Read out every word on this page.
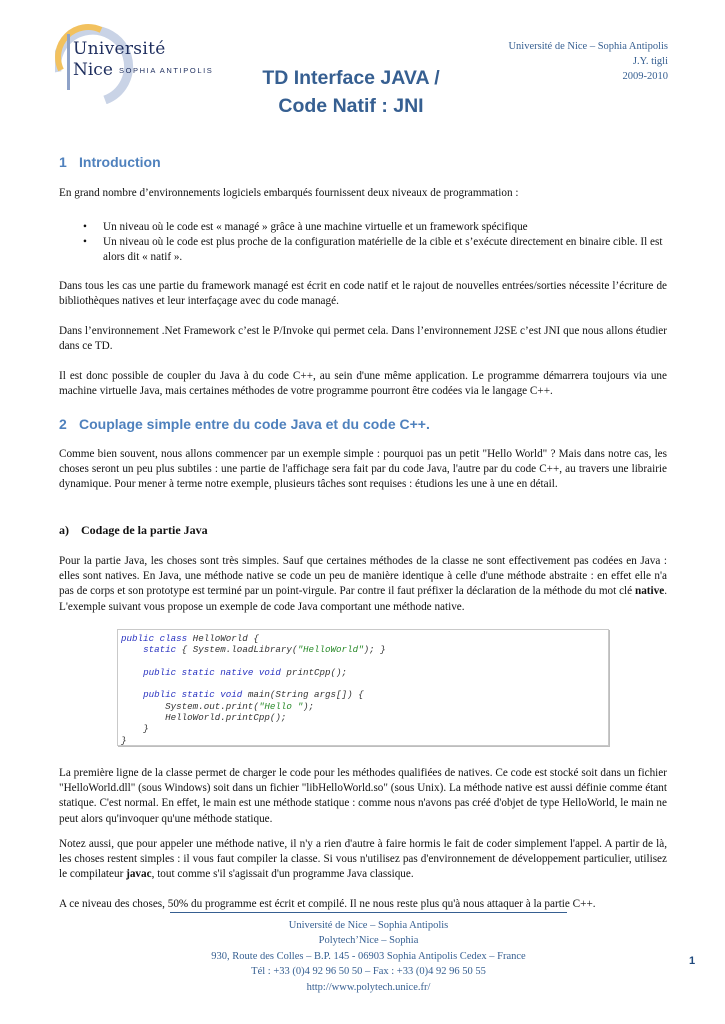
Université
Nice SOPHIA ANTIPOLIS
Université de Nice – Sophia Antipolis
J.Y. tigli
2009-2010
TD Interface JAVA /
Code Natif : JNI
1 Introduction
En grand nombre d’environnements logiciels embarqués fournissent deux niveaux de programmation :
• Un niveau où le code est « managé » grâce à une machine virtuelle et un framework spécifique
• Un niveau où le code est plus proche de la configuration matérielle de la cible et s’exécute directement en binaire cible. Il est alors dit « natif ».
Dans tous les cas une partie du framework managé est écrit en code natif et le rajout de nouvelles entrées/sorties nécessite l’écriture de bibliothèques natives et leur interfaçage avec du code managé.
Dans l’environnement .Net Framework c’est le P/Invoke qui permet cela. Dans l’environnement J2SE c’est JNI que nous allons étudier dans ce TD.
Il est donc possible de coupler du Java à du code C++, au sein d'une même application. Le programme démarrera toujours via une machine virtuelle Java, mais certaines méthodes de votre programme pourront être codées via le langage C++.
2 Couplage simple entre du code Java et du code C++.
Comme bien souvent, nous allons commencer par un exemple simple : pourquoi pas un petit "Hello World" ? Mais dans notre cas, les choses seront un peu plus subtiles : une partie de l'affichage sera fait par du code Java, l'autre par du code C++, au travers une librairie dynamique. Pour mener à terme notre exemple, plusieurs tâches sont requises : étudions les une à une en détail.
a) Codage de la partie Java
Pour la partie Java, les choses sont très simples. Sauf que certaines méthodes de la classe ne sont effectivement pas codées en Java : elles sont natives. En Java, une méthode native se code un peu de manière identique à celle d'une méthode abstraite : en effet elle n'a pas de corps et son prototype est terminé par un point-virgule. Par contre il faut préfixer la déclaration de la méthode du mot clé native. L'exemple suivant vous propose un exemple de code Java comportant une méthode native.
public class HelloWorld {
static { System.loadLibrary("HelloWorld"); }

public static native void printCpp();

public static void main(String args[]) {
System.out.print("Hello ");
HelloWorld.printCpp();
}
}
La première ligne de la classe permet de charger le code pour les méthodes qualifiées de natives. Ce code est stocké soit dans un fichier "HelloWorld.dll" (sous Windows) soit dans un fichier "libHelloWorld.so" (sous Unix). La méthode native est aussi définie comme étant statique. C'est normal. En effet, le main est une méthode statique : comme nous n'avons pas créé d'objet de type HelloWorld, le main ne peut alors qu'invoquer qu'une méthode statique.
Notez aussi, que pour appeler une méthode native, il n'y a rien d'autre à faire hormis le fait de coder simplement l'appel. A partir de là, les choses restent simples : il vous faut compiler la classe. Si vous n'utilisez pas d'environnement de développement particulier, utilisez le compilateur javac, tout comme s'il s'agissait d'un programme Java classique.
A ce niveau des choses, 50% du programme est écrit et compilé. Il ne nous reste plus qu'à nous attaquer à la partie C++.
Université de Nice – Sophia Antipolis
Polytech’Nice – Sophia
930, Route des Colles – B.P. 145 - 06903 Sophia Antipolis Cedex – France
Tél : +33 (0)4 92 96 50 50 – Fax : +33 (0)4 92 96 50 55
http://www.polytech.unice.fr/
1
